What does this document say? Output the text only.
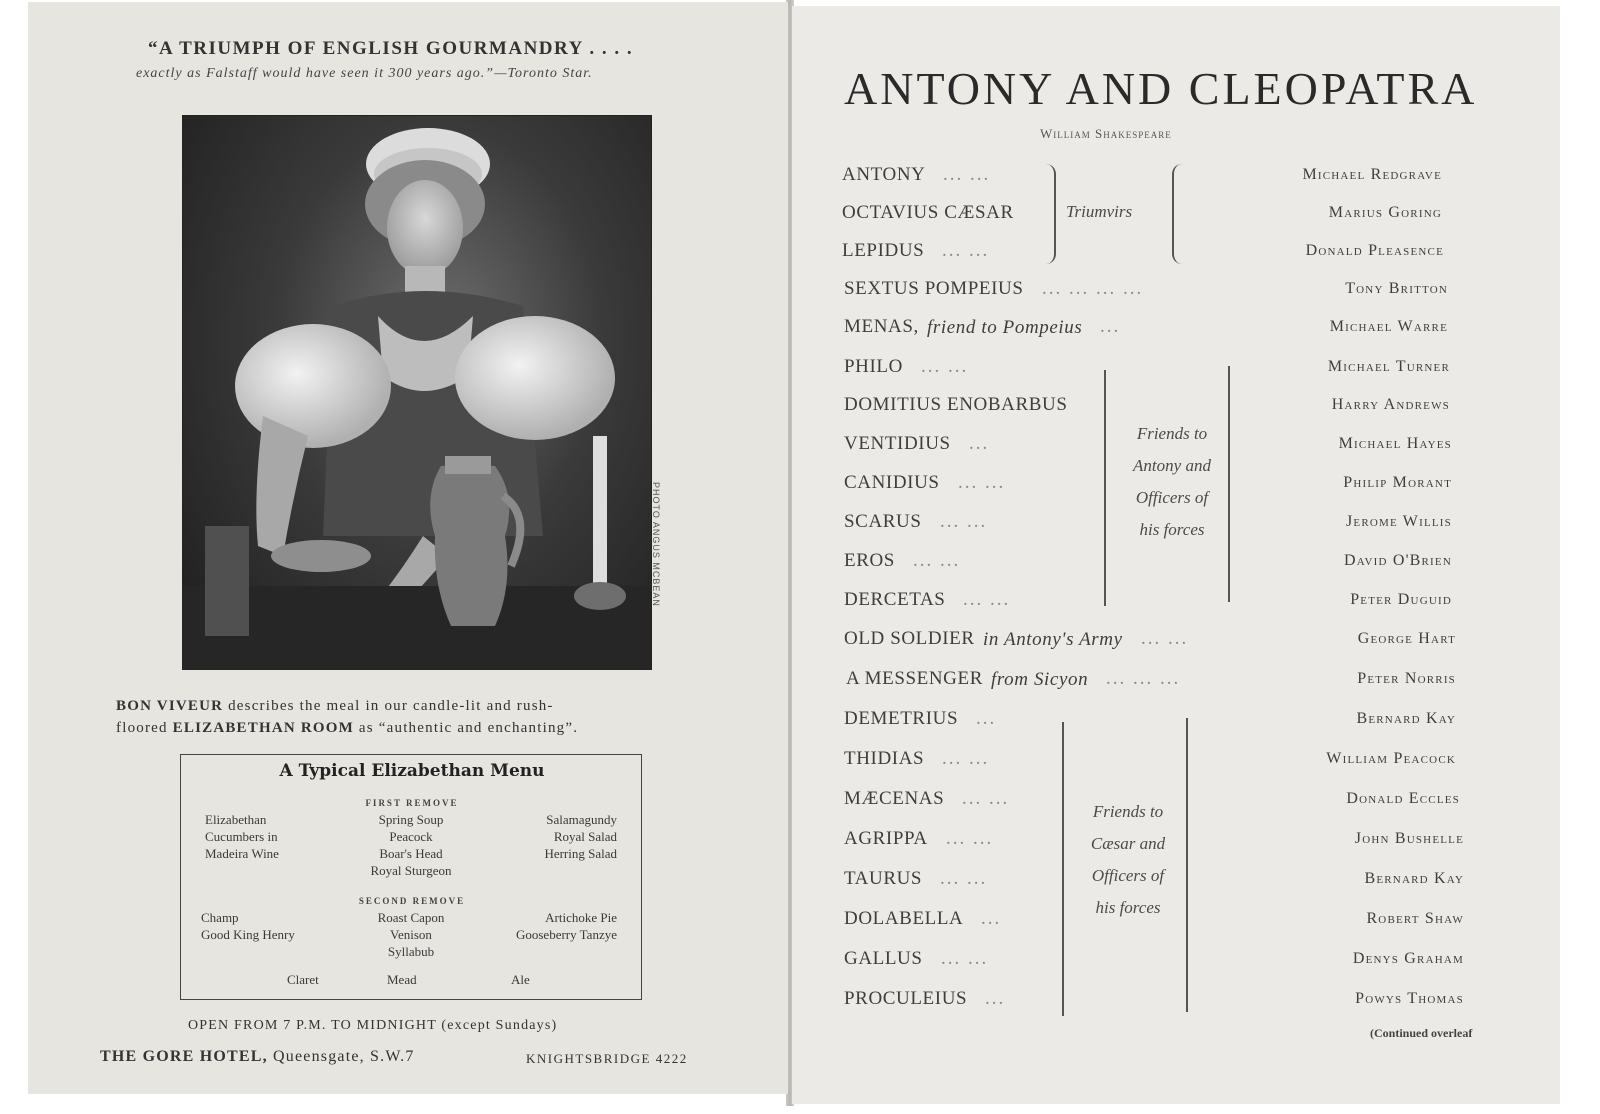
“A TRIUMPH OF ENGLISH GOURMANDRY . . . .
exactly as Falstaff would have seen it 300 years ago.”—Toronto Star.
PHOTO ANGUS MCBEAN
BON VIVEUR describes the meal in our candle-lit and rush-
floored ELIZABETHAN ROOM as “authentic and enchanting”.
A Typical Elizabethan Menu
FIRST REMOVE
Elizabethan
Cucumbers in
Madeira Wine
Spring Soup
Peacock
Boar's Head
Royal Sturgeon
Salamagundy
Royal Salad
Herring Salad
SECOND REMOVE
Champ
Good King Henry
Roast Capon
Venison
Syllabub
Artichoke Pie
Gooseberry Tanzye
Claret	Mead	Ale
OPEN FROM 7 P.M. TO MIDNIGHT (except Sundays)
THE GORE HOTEL, Queensgate, S.W.7	KNIGHTSBRIDGE 4222
ANTONY AND CLEOPATRA
William Shakespeare
Triumvirs
Friends to
Antony and
Officers of
his forces
Friends to
Cæsar and
Officers of
his forces
(Continued overleaf
ANTONY ... ...	Michael Redgrave
OCTAVIUS CÆSAR	Marius Goring
LEPIDUS ... ...	Donald Pleasence
SEXTUS POMPEIUS ... ... ... ...	Tony Britton
MENAS, friend to Pompeius ...	Michael Warre
PHILO ... ...	Michael Turner
DOMITIUS ENOBARBUS	Harry Andrews
VENTIDIUS ...	Michael Hayes
CANIDIUS ... ...	Philip Morant
SCARUS ... ...	Jerome Willis
EROS ... ...	David O'Brien
DERCETAS ... ...	Peter Duguid
OLD SOLDIER in Antony's Army ... ...	George Hart
A MESSENGER from Sicyon ... ... ...	Peter Norris
DEMETRIUS ...	Bernard Kay
THIDIAS ... ...	William Peacock
MÆCENAS ... ...	Donald Eccles
AGRIPPA ... ...	John Bushelle
TAURUS ... ...	Bernard Kay
DOLABELLA ...	Robert Shaw
GALLUS ... ...	Denys Graham
PROCULEIUS ...	Powys Thomas
